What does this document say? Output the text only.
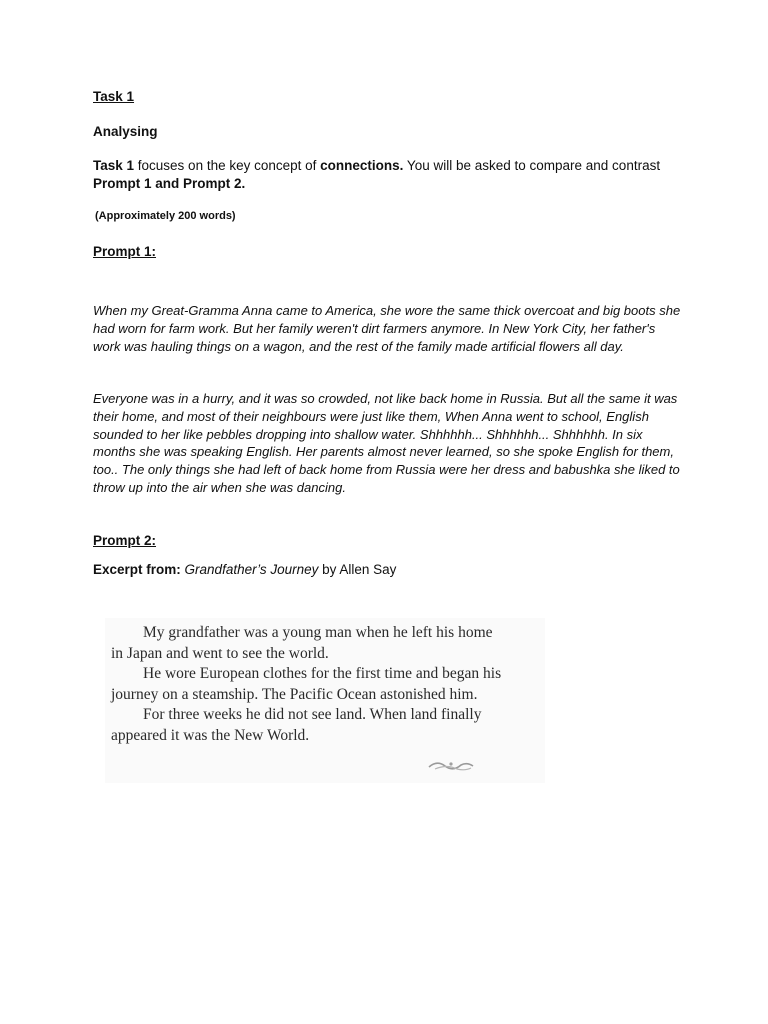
Task 1

Analysing

Task 1 focuses on the key concept of connections. You will be asked to compare and contrast Prompt 1 and Prompt 2.

(Approximately 200 words)

Prompt 1:

When my Great-Gramma Anna came to America, she wore the same thick overcoat and big boots she had worn for farm work. But her family weren't dirt farmers anymore. In New York City, her father's work was hauling things on a wagon, and the rest of the family made artificial flowers all day.

Everyone was in a hurry, and it was so crowded, not like back home in Russia. But all the same it was their home, and most of their neighbours were just like them, When Anna went to school, English sounded to her like pebbles dropping into shallow water. Shhhhhh... Shhhhhh... Shhhhhh. In six months she was speaking English. Her parents almost never learned, so she spoke English for them, too.. The only things she had left of back home from Russia were her dress and babushka she liked to throw up into the air when she was dancing.

Prompt 2:

Excerpt from: Grandfather’s Journey by Allen Say

My grandfather was a young man when he left his home

in Japan and went to see the world.

He wore European clothes for the first time and began his

journey on a steamship. The Pacific Ocean astonished him.

For three weeks he did not see land. When land finally

appeared it was the New World.
